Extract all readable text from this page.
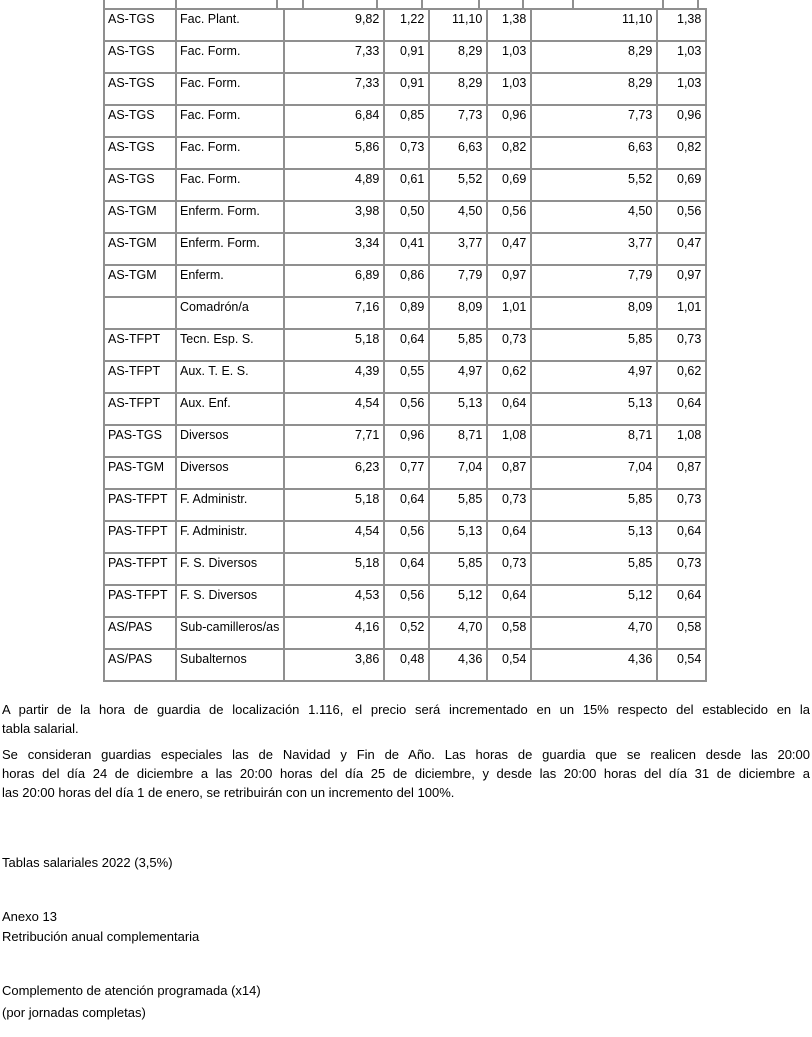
AS-TGS	Fac. Plant.	9,82	1,22	11,10	1,38	11,10	1,38
AS-TGS	Fac. Form.	7,33	0,91	8,29	1,03	8,29	1,03
AS-TGS	Fac. Form.	7,33	0,91	8,29	1,03	8,29	1,03
AS-TGS	Fac. Form.	6,84	0,85	7,73	0,96	7,73	0,96
AS-TGS	Fac. Form.	5,86	0,73	6,63	0,82	6,63	0,82
AS-TGS	Fac. Form.	4,89	0,61	5,52	0,69	5,52	0,69
AS-TGM	Enferm. Form.	3,98	0,50	4,50	0,56	4,50	0,56
AS-TGM	Enferm. Form.	3,34	0,41	3,77	0,47	3,77	0,47
AS-TGM	Enferm.	6,89	0,86	7,79	0,97	7,79	0,97
	Comadrón/a	7,16	0,89	8,09	1,01	8,09	1,01
AS-TFPT	Tecn. Esp. S.	5,18	0,64	5,85	0,73	5,85	0,73
AS-TFPT	Aux. T. E. S.	4,39	0,55	4,97	0,62	4,97	0,62
AS-TFPT	Aux. Enf.	4,54	0,56	5,13	0,64	5,13	0,64
PAS-TGS	Diversos	7,71	0,96	8,71	1,08	8,71	1,08
PAS-TGM	Diversos	6,23	0,77	7,04	0,87	7,04	0,87
PAS-TFPT	F. Administr.	5,18	0,64	5,85	0,73	5,85	0,73
PAS-TFPT	F. Administr.	4,54	0,56	5,13	0,64	5,13	0,64
PAS-TFPT	F. S. Diversos	5,18	0,64	5,85	0,73	5,85	0,73
PAS-TFPT	F. S. Diversos	4,53	0,56	5,12	0,64	5,12	0,64
AS/PAS	Sub-camilleros/as	4,16	0,52	4,70	0,58	4,70	0,58
AS/PAS	Subalternos	3,86	0,48	4,36	0,54	4,36	0,54

A partir de la hora de guardia de localización 1.116, el precio será incrementado en un 15% respecto del establecido en la
tabla salarial.

Se consideran guardias especiales las de Navidad y Fin de Año. Las horas de guardia que se realicen desde las 20:00
horas del día 24 de diciembre a las 20:00 horas del día 25 de diciembre, y desde las 20:00 horas del día 31 de diciembre a
las 20:00 horas del día 1 de enero, se retribuirán con un incremento del 100%.

Tablas salariales 2022 (3,5%)

Anexo 13

Retribución anual complementaria

Complemento de atención programada (x14)

(por jornadas completas)
